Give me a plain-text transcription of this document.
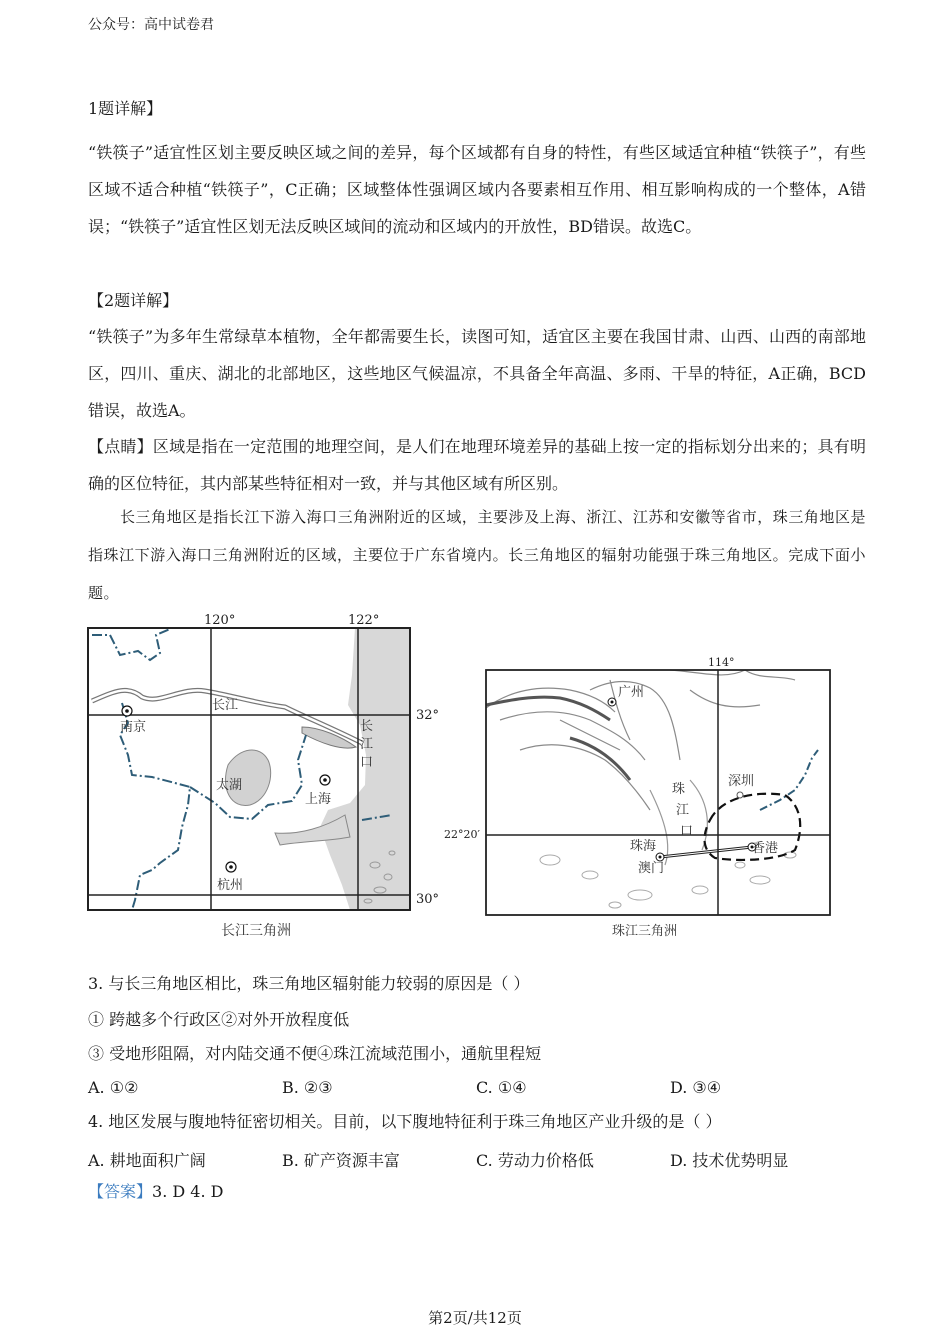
公众号：高中试卷君
1题详解】
“铁筷子”适宜性区划主要反映区域之间的差异，每个区域都有自身的特性，有些区域适宜种植“铁筷子”，有些区域不适合种植“铁筷子”，C正确；区域整体性强调区域内各要素相互作用、相互影响构成的一个整体，A错误；“铁筷子”适宜性区划无法反映区域间的流动和区域内的开放性，BD错误。故选C。
【2题详解】
“铁筷子”为多年生常绿草本植物，全年都需要生长，读图可知，适宜区主要在我国甘肃、山西、山西的南部地区，四川、重庆、湖北的北部地区，这些地区气候温凉，不具备全年高温、多雨、干旱的特征，A正确，BCD错误，故选A。
【点睛】区域是指在一定范围的地理空间，是人们在地理环境差异的基础上按一定的指标划分出来的；具有明确的区位特征，其内部某些特征相对一致，并与其他区域有所区别。
长三角地区是指长江下游入海口三角洲附近的区域，主要涉及上海、浙江、江苏和安徽等省市，珠三角地区是指珠江下游入海口三角洲附近的区域，主要位于广东省境内。长三角地区的辐射功能强于珠三角地区。完成下面小题。
120°	122°
32°
30°
南京
长江
太湖
上海
杭州
长
江
口
长江三角洲
114°
22°20′
广州
深圳
珠
江
口
珠海
澳门
香港
珠江三角洲
3. 与长三角地区相比，珠三角地区辐射能力较弱的原因是（ ）
① 跨越多个行政区②对外开放程度低
③ 受地形阻隔，对内陆交通不便④珠江流域范围小，通航里程短
A. ①②	B. ②③	C. ①④	D. ③④
4. 地区发展与腹地特征密切相关。目前，以下腹地特征利于珠三角地区产业升级的是（ ）
A. 耕地面积广阔	B. 矿产资源丰富	C. 劳动力价格低	D. 技术优势明显
【答案】3. D 4. D
第2页/共12页
